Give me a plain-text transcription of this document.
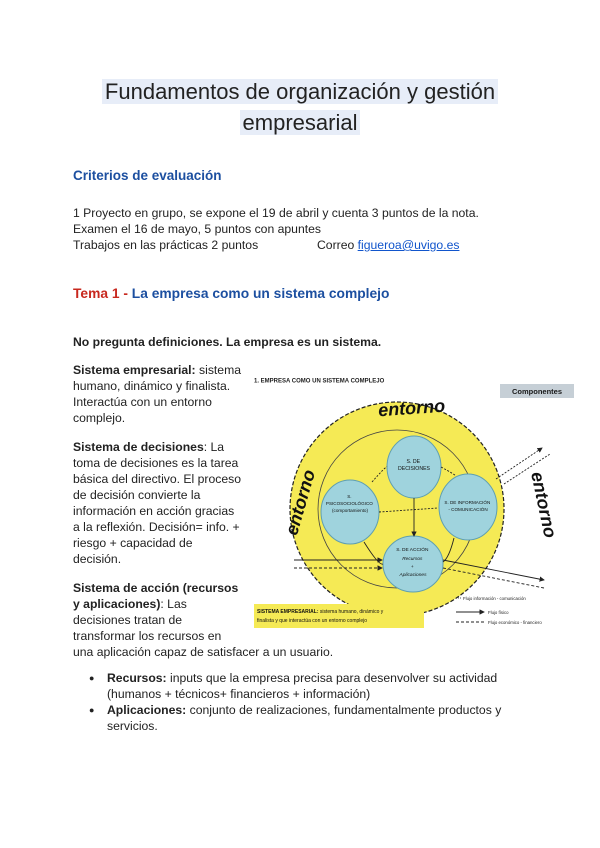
Fundamentos de organización y gestión
empresarial
Criterios de evaluación
1 Proyecto en grupo, se expone el 19 de abril y cuenta 3 puntos de la nota.
Examen el 16 de mayo, 5 puntos con apuntes
Trabajos en las prácticas 2 puntos	Correo figueroa@uvigo.es
Tema 1 - La empresa como un sistema complejo
No pregunta definiciones. La empresa es un sistema.
Sistema empresarial: sistema
humano, dinámico y finalista.
Interactúa con un entorno
complejo.
Sistema de decisiones: La
toma de decisiones es la tarea
básica del directivo. El proceso
de decisión convierte la
información en acción gracias
a la reflexión. Decisión= info. +
riesgo + capacidad de
decisión.
Sistema de acción (recursos
y aplicaciones): Las
decisiones tratan de
transformar los recursos en
una aplicación capaz de satisfacer a un usuario.
● Recursos: inputs que la empresa precisa para desenvolver su actividad
(humanos + técnicos+ financieros + información)
● Aplicaciones: conjunto de realizaciones, fundamentalmente productos y
servicios.
1. EMPRESA COMO UN SISTEMA COMPLEJO
Componentes
entorno
entorno	entorno
S. DE DECISIONES
S. PSICOSOCIOLÓGICO (comportamiento)
S. DE INFORMACIÓN - COMUNICACIÓN
S. DE ACCIÓN Recursos + Aplicaciones
SISTEMA EMPRESARIAL: sistema humano, dinámico y finalista y que interactúa con un entorno complejo
Flujo información - comunicación
Flujo físico
Flujo económico - financiero
